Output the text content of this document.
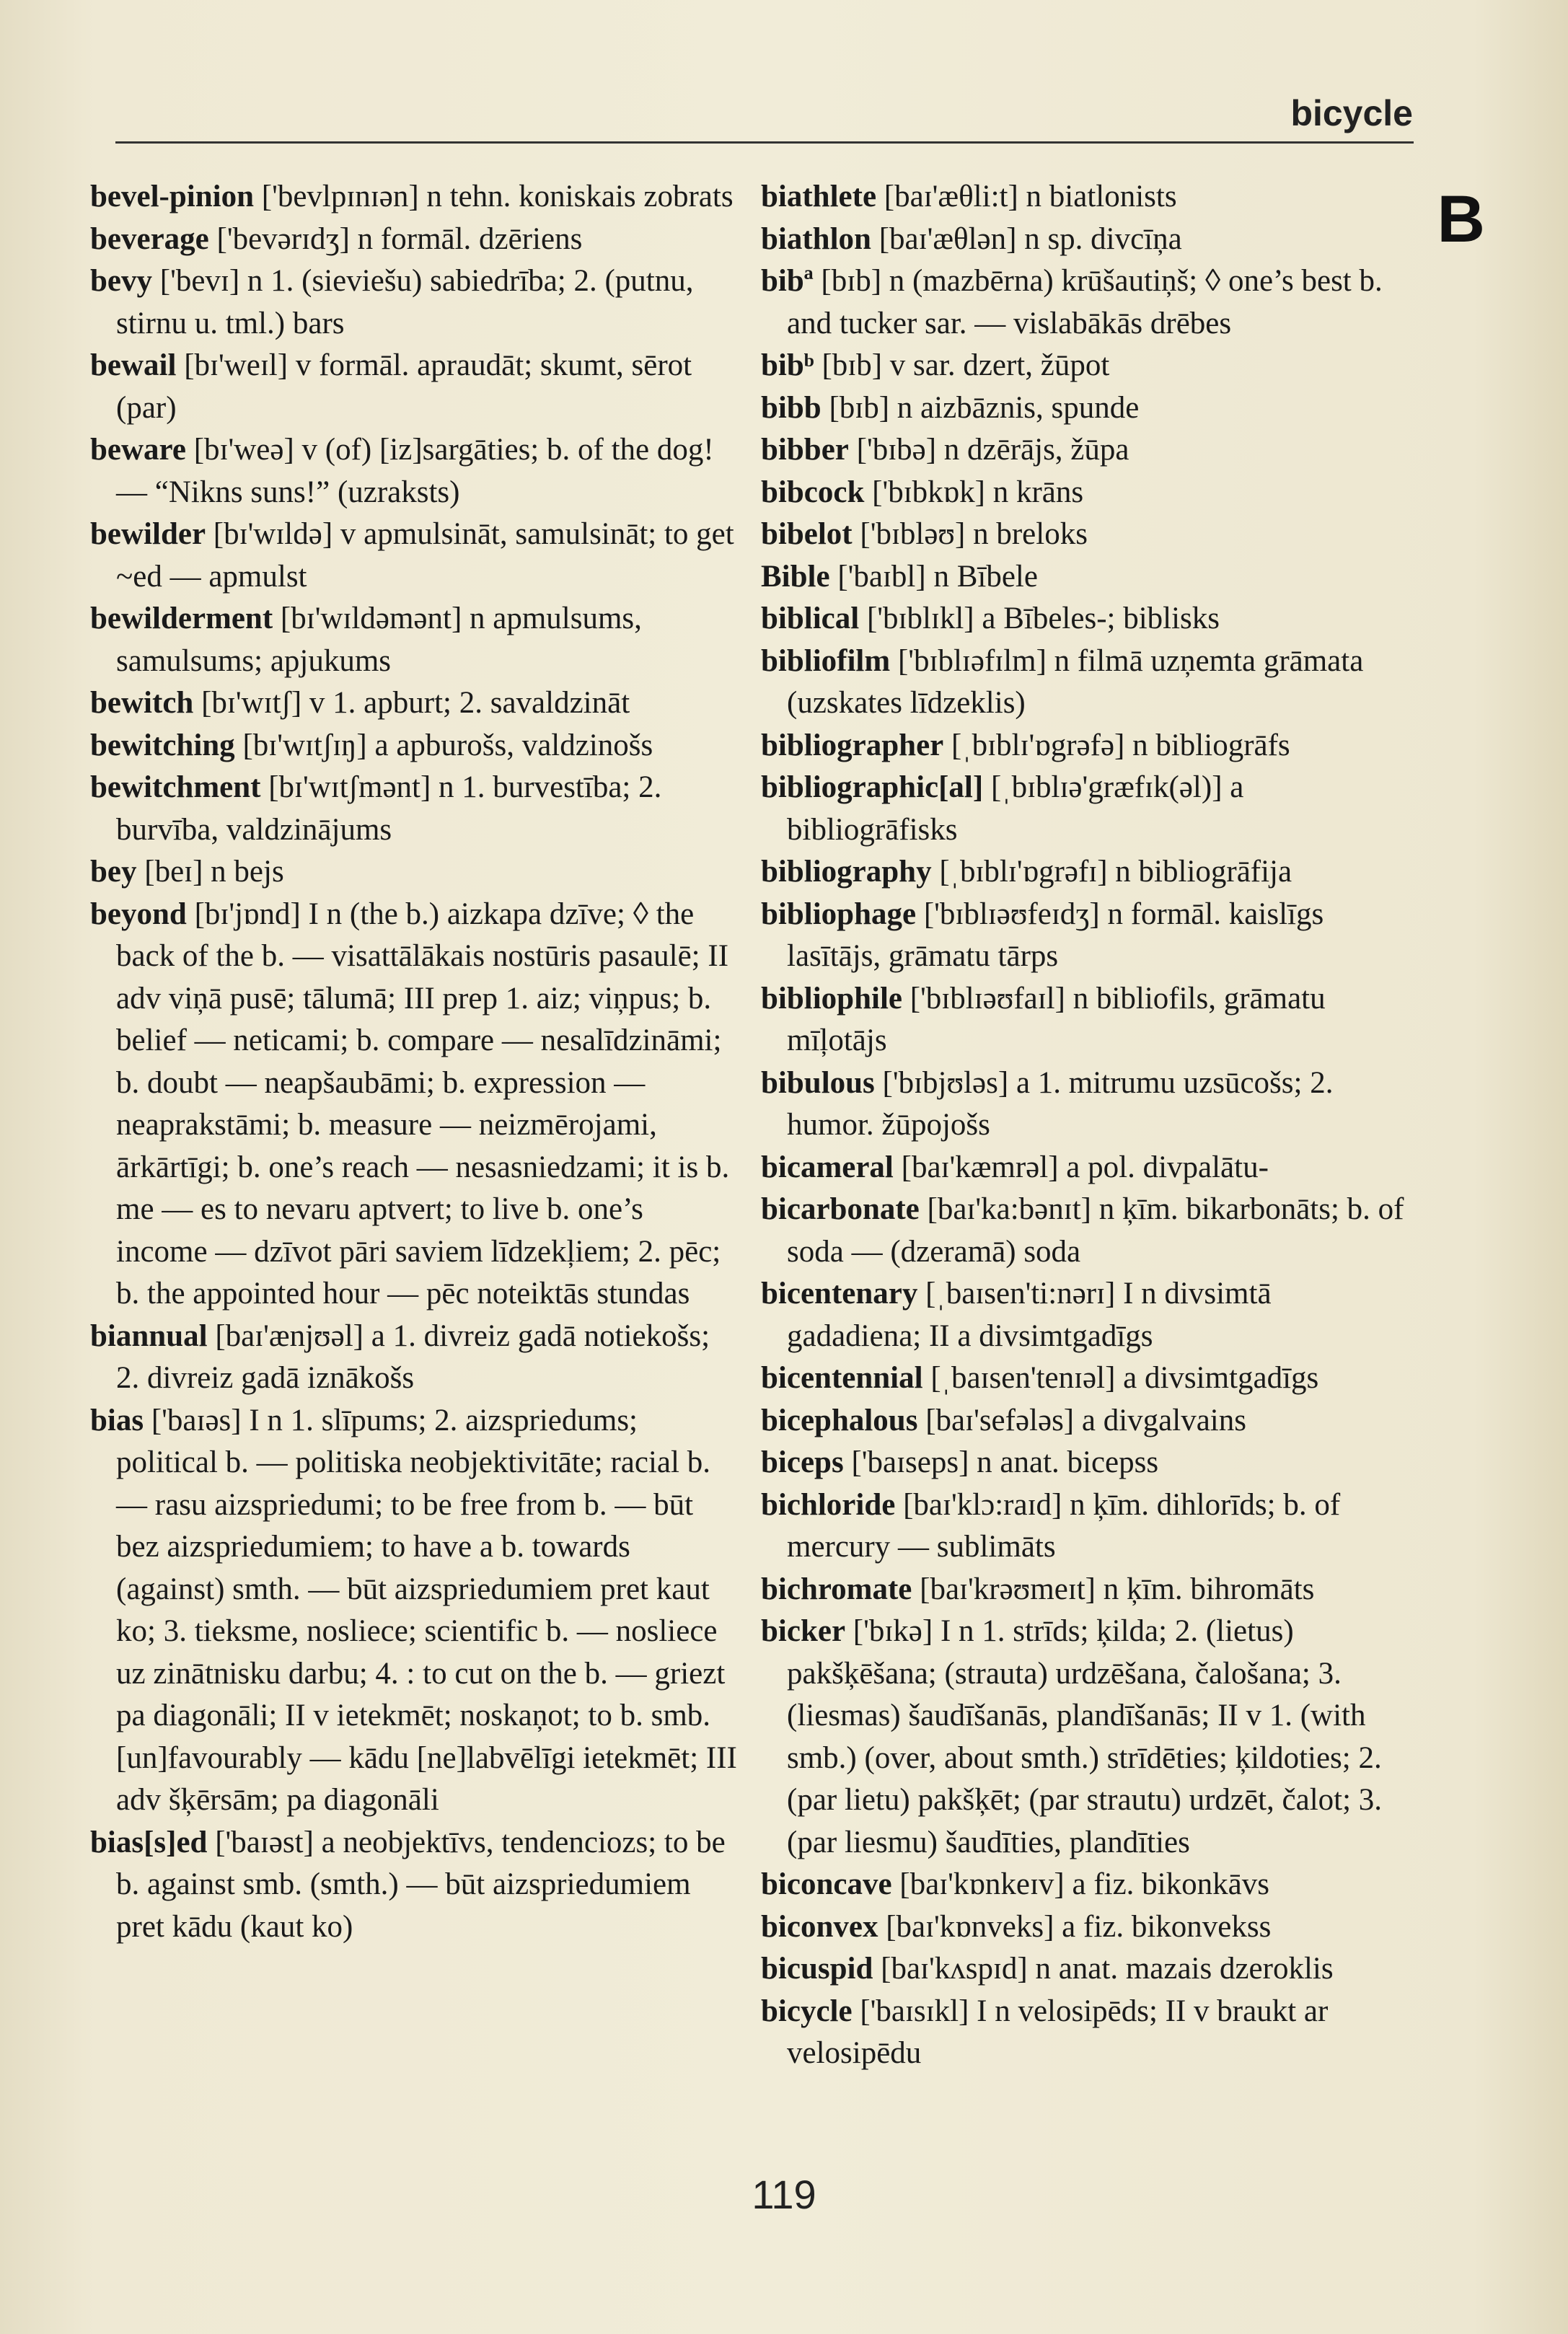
bicycle
B

bevel-pinion ['bevlpɪnɪən] n tehn. koniskais zobrats

beverage ['bevərɪdʒ] n formāl. dzēriens

bevy ['bevɪ] n 1. (sieviešu) sabiedrība; 2. (putnu, stirnu u. tml.) bars

bewail [bɪ'weɪl] v formāl. apraudāt; skumt, sērot (par)

beware [bɪ'weə] v (of) [iz]sargāties; b. of the dog! — “Nikns suns!” (uzraksts)

bewilder [bɪ'wɪldə] v apmulsināt, samulsināt; to get ~ed — apmulst

bewilderment [bɪ'wɪldəmənt] n apmulsums, samulsums; apjukums

bewitch [bɪ'wɪtʃ] v 1. apburt; 2. savaldzināt

bewitching [bɪ'wɪtʃɪŋ] a apburošs, valdzinošs

bewitchment [bɪ'wɪtʃmənt] n 1. burvestība; 2. burvība, valdzinājums

bey [beɪ] n bejs

beyond [bɪ'jɒnd] I n (the b.) aizkapa dzīve; ◊ the back of the b. — visattālākais nostūris pasaulē; II adv viņā pusē; tālumā; III prep 1. aiz; viņpus; b. belief — neticami; b. compare — nesalīdzināmi; b. doubt — neapšaubāmi; b. expression — neaprakstāmi; b. measure — neizmērojami, ārkārtīgi; b. one’s reach — nesasniedzami; it is b. me — es to nevaru aptvert; to live b. one’s income — dzīvot pāri saviem līdzekļiem; 2. pēc; b. the appointed hour — pēc noteiktās stundas

biannual [baɪ'ænjʊəl] a 1. divreiz gadā notiekošs; 2. divreiz gadā iznākošs

bias ['baɪəs] I n 1. slīpums; 2. aizspriedums; political b. — politiska neobjektivitāte; racial b. — rasu aizspriedumi; to be free from b. — būt bez aizspriedumiem; to have a b. towards (against) smth. — būt aizspriedumiem pret kaut ko; 3. tieksme, nosliece; scientific b. — nosliece uz zinātnisku darbu; 4. : to cut on the b. — griezt pa diagonāli; II v ietekmēt; noskaņot; to b. smb. [un]favourably — kādu [ne]labvēlīgi ietekmēt; III adv šķērsām; pa diagonāli

bias[s]ed ['baɪəst] a neobjektīvs, tendenciozs; to be b. against smb. (smth.) — būt aizspriedumiem pret kādu (kaut ko)

biathlete [baɪ'æθli:t] n biatlonists

biathlon [baɪ'æθlən] n sp. divcīņa

bibª [bɪb] n (mazbērna) krūšautiņš; ◊ one’s best b. and tucker sar. — vislabākās drēbes

bibᵇ [bɪb] v sar. dzert, žūpot

bibb [bɪb] n aizbāznis, spunde

bibber ['bɪbə] n dzērājs, žūpa

bibcock ['bɪbkɒk] n krāns

bibelot ['bɪbləʊ] n breloks

Bible ['baɪbl] n Bībele

biblical ['bɪblɪkl] a Bībeles-; biblisks

bibliofilm ['bɪblɪəfɪlm] n filmā uzņemta grāmata (uzskates līdzeklis)

bibliographer [ˌbɪblɪ'ɒgrəfə] n bibliogrāfs

bibliographic[al] [ˌbɪblɪə'græfɪk(əl)] a bibliogrāfisks

bibliography [ˌbɪblɪ'ɒgrəfɪ] n bibliogrāfija

bibliophage ['bɪblɪəʊfeɪdʒ] n formāl. kaislīgs lasītājs, grāmatu tārps

bibliophile ['bɪblɪəʊfaɪl] n bibliofils, grāmatu mīļotājs

bibulous ['bɪbjʊləs] a 1. mitrumu uzsūcošs; 2. humor. žūpojošs

bicameral [baɪ'kæmrəl] a pol. divpalātu-

bicarbonate [baɪ'ka:bənɪt] n ķīm. bikarbonāts; b. of soda — (dzeramā) soda

bicentenary [ˌbaɪsen'ti:nərɪ] I n divsimtā gadadiena; II a divsimtgadīgs

bicentennial [ˌbaɪsen'tenɪəl] a divsimtgadīgs

bicephalous [baɪ'sefələs] a divgalvains

biceps ['baɪseps] n anat. bicepss

bichloride [baɪ'klɔ:raɪd] n ķīm. dihlorīds; b. of mercury — sublimāts

bichromate [baɪ'krəʊmeɪt] n ķīm. bihromāts

bicker ['bɪkə] I n 1. strīds; ķilda; 2. (lietus) pakšķēšana; (strauta) urdzēšana, čalošana; 3. (liesmas) šaudīšanās, plandīšanās; II v 1. (with smb.) (over, about smth.) strīdēties; ķildoties; 2. (par lietu) pakšķēt; (par strautu) urdzēt, čalot; 3. (par liesmu) šaudīties, plandīties

biconcave [baɪ'kɒnkeɪv] a fiz. bikonkāvs

biconvex [baɪ'kɒnveks] a fiz. bikonvekss

bicuspid [baɪ'kʌspɪd] n anat. mazais dzeroklis

bicycle ['baɪsɪkl] I n velosipēds; II v braukt ar velosipēdu

119
